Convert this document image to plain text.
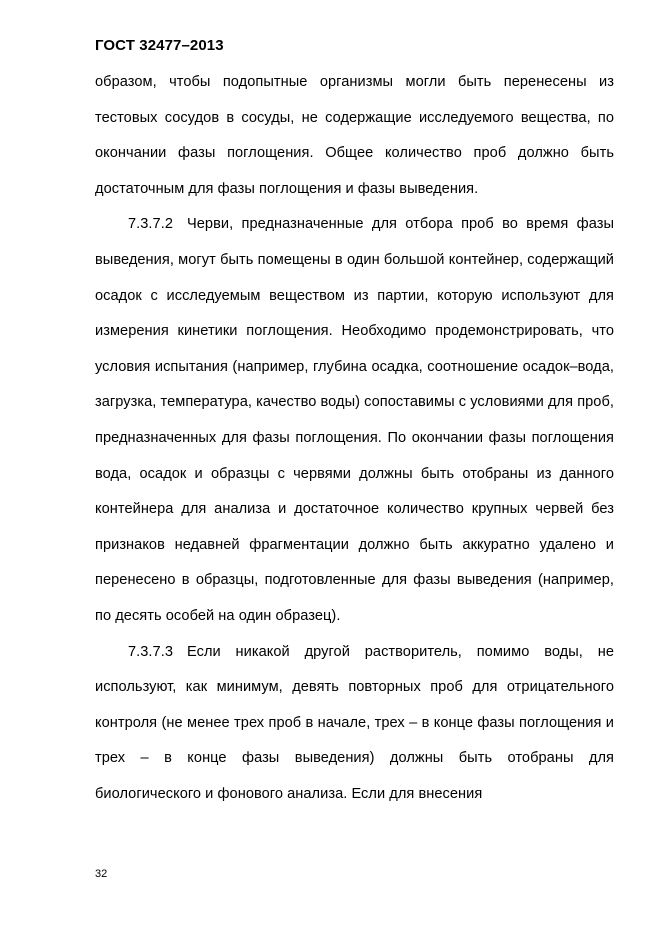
ГОСТ 32477–2013

образом, чтобы подопытные организмы могли быть перенесены из тестовых сосудов в сосуды, не содержащие исследуемого вещества, по окончании фазы поглощения. Общее количество проб должно быть достаточным для фазы поглощения и фазы выведения.

7.3.7.2 Черви, предназначенные для отбора проб во время фазы выведения, могут быть помещены в один большой контейнер, содержащий осадок с исследуемым веществом из партии, которую используют для измерения кинетики поглощения. Необходимо продемонстрировать, что условия испытания (например, глубина осадка, соотношение осадок–вода, загрузка, температура, качество воды) сопоставимы с условиями для проб, предназначенных для фазы поглощения. По окончании фазы поглощения вода, осадок и образцы с червями должны быть отобраны из данного контейнера для анализа и достаточное количество крупных червей без признаков недавней фрагментации должно быть аккуратно удалено и перенесено в образцы, подготовленные для фазы выведения (например, по десять особей на один образец).

7.3.7.3 Если никакой другой растворитель, помимо воды, не используют, как минимум, девять повторных проб для отрицательного контроля (не менее трех проб в начале, трех – в конце фазы поглощения и трех – в конце фазы выведения) должны быть отобраны для биологического и фонового анализа. Если для внесения

32
